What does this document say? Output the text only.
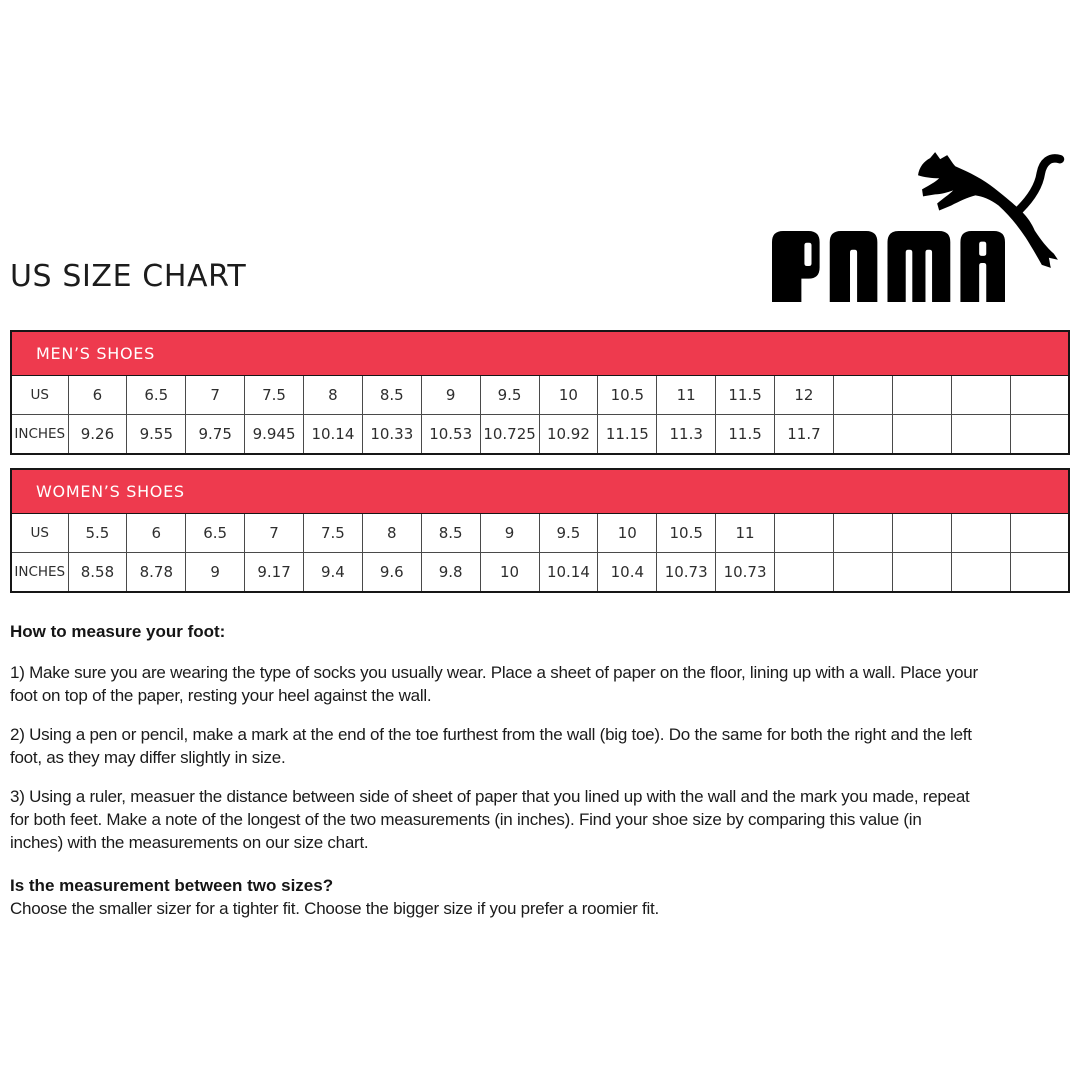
US SIZE CHART
MEN’S SHOES																	
US	6	6.5	7	7.5	8	8.5	9	9.5	10	10.5	11	11.5	12				
INCHES	9.26	9.55	9.75	9.945	10.14	10.33	10.53	10.725	10.92	11.15	11.3	11.5	11.7				
WOMEN’S SHOES																	
US	5.5	6	6.5	7	7.5	8	8.5	9	9.5	10	10.5	11					
INCHES	8.58	8.78	9	9.17	9.4	9.6	9.8	10	10.14	10.4	10.73	10.73					
How to measure your foot:

1) Make sure you are wearing the type of socks you usually wear. Place a sheet of paper on the floor, lining up with a wall. Place your
foot on top of the paper, resting your heel against the wall.

2) Using a pen or pencil, make a mark at the end of the toe furthest from the wall (big toe). Do the same for both the right and the left
foot, as they may differ slightly in size.

3) Using a ruler, measuer the distance between side of sheet of paper that you lined up with the wall and the mark you made, repeat
for both feet. Make a note of the longest of the two measurements (in inches). Find your shoe size by comparing this value (in
inches) with the measurements on our size chart.

Is the measurement between two sizes?
Choose the smaller sizer for a tighter fit. Choose the bigger size if you prefer a roomier fit.
